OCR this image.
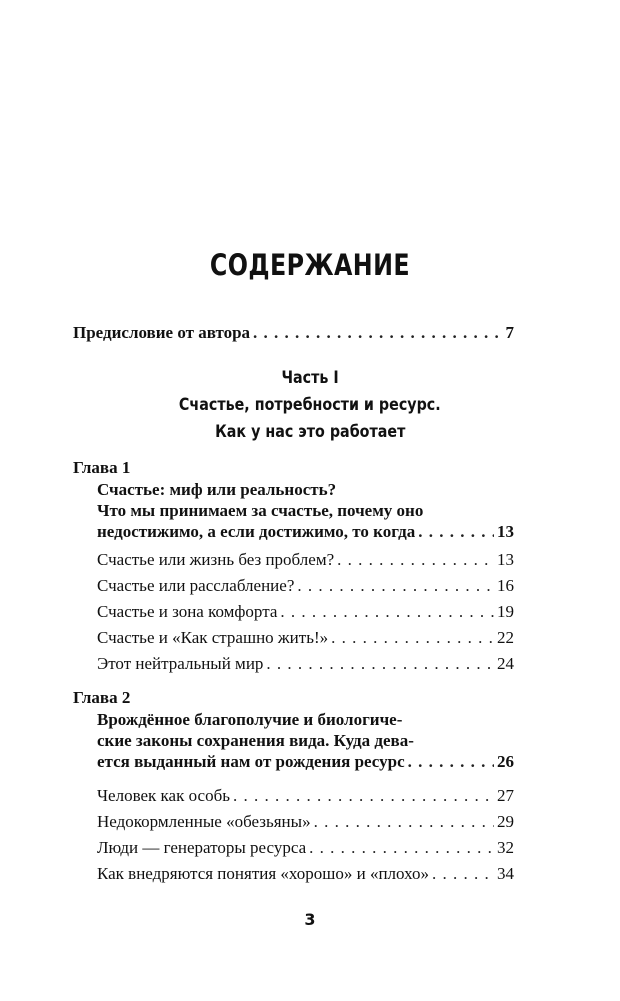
СОДЕРЖАНИЕ
Предисловие от автора . . .	7
Часть I
Счастье, потребности и ресурс.
Как у нас это работает
Глава 1
Счастье: миф или реальность?
Что мы принимаем за счастье, почему оно
недостижимо, а если достижимо, то когда . . .	13
Счастье или жизнь без проблем? . . .	13
Счастье или расслабление? . . .	16
Счастье и зона комфорта . . .	19
Счастье и «Как страшно жить!» . . .	22
Этот нейтральный мир . . .	24
Глава 2
Врождённое благополучие и биологиче-
ские законы сохранения вида. Куда дева-
ется выданный нам от рождения ресурс . . .	26
Человек как особь . . .	27
Недокормленные «обезьяны» . . .	29
Люди — генераторы ресурса . . .	32
Как внедряются понятия «хорошо» и «плохо» . . .	34
3
